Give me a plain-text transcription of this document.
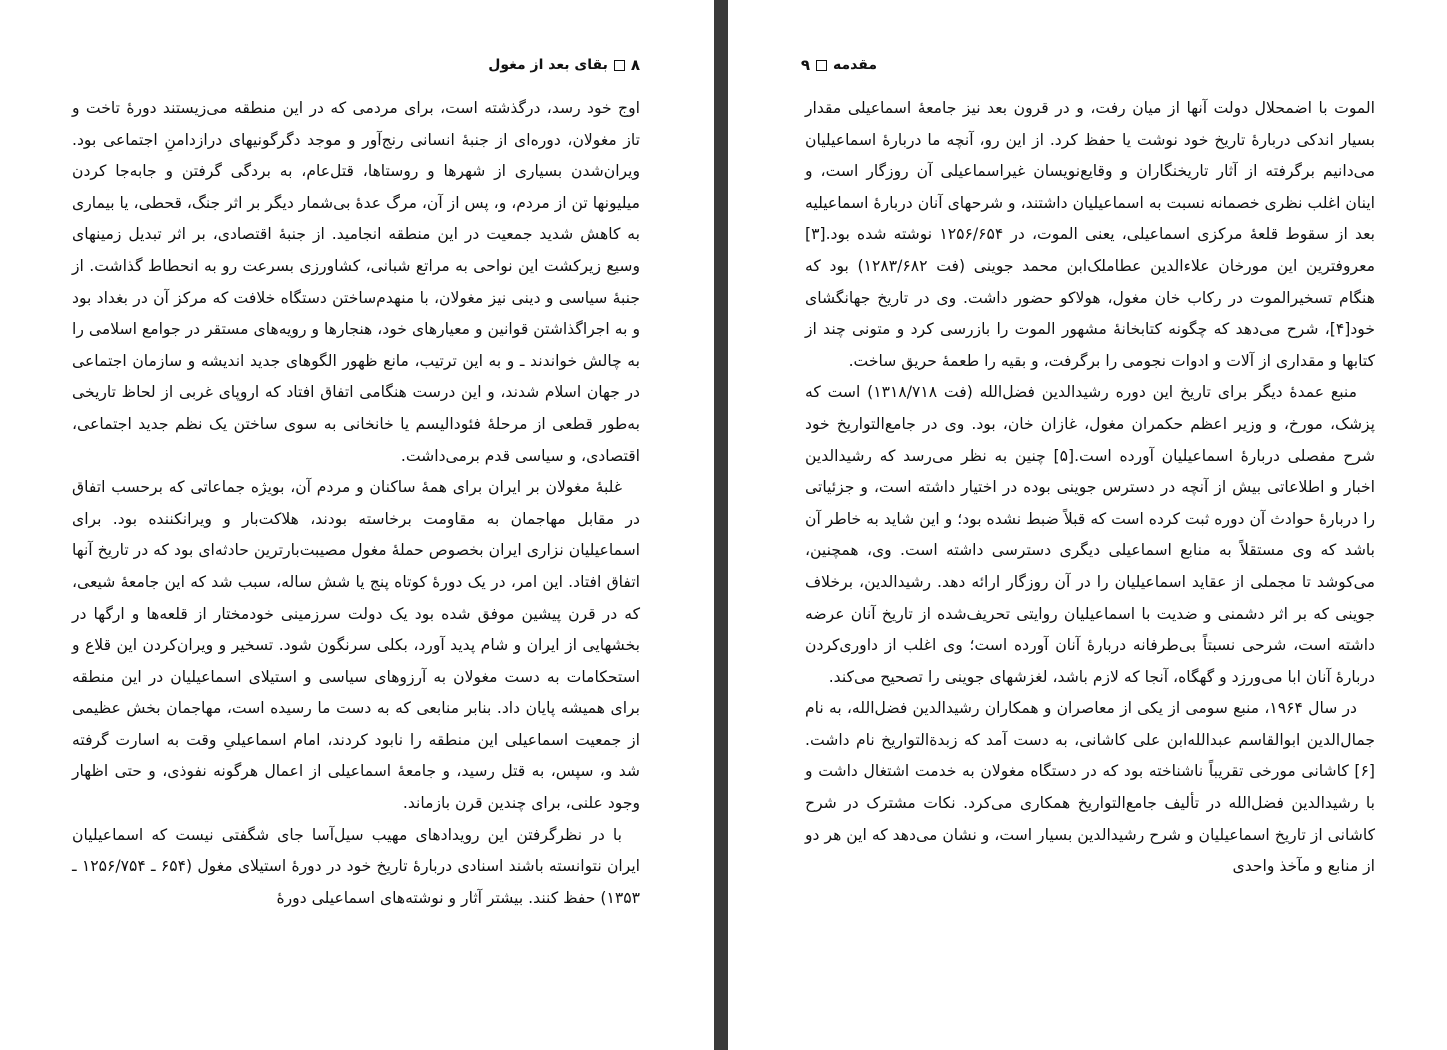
۸
بقای بعد از مغول

اوج خود رسد، درگذشته است، برای مردمی که در این منطقه می‌زیستند دورهٔ تاخت و تاز مغولان، دوره‌ای از جنبهٔ انسانی رنج‌آور و موجد دگرگونیهای درازدامنِ اجتماعی بود. ویران‌شدن بسیاری از شهرها و روستاها، قتل‌عام، به بردگی گرفتن و جابه‌جا کردن میلیونها تن از مردم، و، پس از آن، مرگ عدهٔ بی‌شمار دیگر بر اثر جنگ، قحطی، یا بیماری به کاهش شدید جمعیت در این منطقه انجامید. از جنبهٔ اقتصادی، بر اثر تبدیل زمینهای وسیع زیرکشت این نواحی به مراتع شبانی، کشاورزی بسرعت رو به انحطاط گذاشت. از جنبهٔ سیاسی و دینی نیز مغولان، با منهدم‌ساختن دستگاه خلافت که مرکز آن در بغداد بود و به اجراگذاشتن قوانین و معیارهای خود، هنجارها و رویه‌های مستقر در جوامع اسلامی را به چالش خواندند ـ و به این ترتیب، مانع ظهور الگوهای جدید اندیشه و سازمان اجتماعی در جهان اسلام شدند، و این درست هنگامی اتفاق افتاد که اروپای غربی از لحاظ تاریخی به‌طور قطعی از مرحلهٔ فئودالیسم یا خانخانی به سوی ساختن یک نظم جدید اجتماعی، اقتصادی، و سیاسی قدم برمی‌داشت.

غلبهٔ مغولان بر ایران برای همهٔ ساکنان و مردم آن، بویژه جماعاتی که برحسب اتفاق در مقابل مهاجمان به مقاومت برخاسته بودند، هلاکت‌بار و ویرانکننده بود. برای اسماعیلیان نزاری ایران بخصوص حملهٔ مغول مصیبت‌بارترین حادثه‌ای بود که در تاریخ آنها اتفاق افتاد. این امر، در یک دورهٔ کوتاه پنج یا شش ساله، سبب شد که این جامعهٔ شیعی، که در قرن پیشین موفق شده بود یک دولت سرزمینی خودمختار از قلعه‌ها و ارگها در بخشهایی از ایران و شام پدید آورد، بکلی سرنگون شود. تسخیر و ویران‌کردن این قلاع و استحکامات به دست مغولان به آرزوهای سیاسی و استیلای اسماعیلیان در این منطقه برای همیشه پایان داد. بنابر منابعی که به دست ما رسیده است، مهاجمان بخش عظیمی از جمعیت اسماعیلی این منطقه را نابود کردند، امام اسماعیلیِ وقت به اسارت گرفته شد و، سپس، به قتل رسید، و جامعهٔ اسماعیلی از اعمال هرگونه نفوذی، و حتی اظهار وجود علنی، برای چندین قرن بازماند.

با در نظرگرفتن این رویدادهای مهیب سیل‌آسا جای شگفتی نیست که اسماعیلیان ایران نتوانسته باشند اسنادی دربارهٔ تاریخ خود در دورهٔ استیلای مغول (۶۵۴ ـ ۱۲۵۶/۷۵۴ ـ ۱۳۵۳) حفظ کنند. بیشتر آثار و نوشته‌های اسماعیلی دورهٔ

مقدمه
۹

الموت با اضمحلال دولت آنها از میان رفت، و در قرون بعد نیز جامعهٔ اسماعیلی مقدار بسیار اندکی دربارهٔ تاریخ خود نوشت یا حفظ کرد. از این رو، آنچه ما دربارهٔ اسماعیلیان می‌دانیم برگرفته از آثار تاریخنگاران و وقایع‌نویسان غیراسماعیلی آن روزگار است، و اینان اغلب نظری خصمانه نسبت به اسماعیلیان داشتند، و شرحهای آنان دربارهٔ اسماعیلیه بعد از سقوط قلعهٔ مرکزی اسماعیلی، یعنی الموت، در ۱۲۵۶/۶۵۴ نوشته شده بود.[۳] معروفترین این مورخان علاءالدین عطاملک‌ابن محمد جوینی (فت ۱۲۸۳/۶۸۲) بود که هنگام تسخیرالموت در رکاب خان مغول، هولاکو حضور داشت. وی در تاریخ جهانگشای خود[۴]، شرح می‌دهد که چگونه کتابخانهٔ مشهور الموت را بازرسی کرد و متونی چند از کتابها و مقداری از آلات و ادوات نجومی را برگرفت، و بقیه را طعمهٔ حریق ساخت.

منبع عمدهٔ دیگر برای تاریخ این دوره رشیدالدین فضل‌الله (فت ۱۳۱۸/۷۱۸) است که پزشک، مورخ، و وزیر اعظم حکمران مغول، غازان خان، بود. وی در جامع‌التواریخ خود شرح مفصلی دربارهٔ اسماعیلیان آورده است.[۵] چنین به نظر می‌رسد که رشیدالدین اخبار و اطلاعاتی بیش از آنچه در دسترس جوینی بوده در اختیار داشته است، و جزئیاتی را دربارهٔ حوادث آن دوره ثبت کرده است که قبلاً ضبط نشده بود؛ و این شاید به خاطر آن باشد که وی مستقلاً به منابع اسماعیلی دیگری دسترسی داشته است. وی، همچنین، می‌کوشد تا مجملی از عقاید اسماعیلیان را در آن روزگار ارائه دهد. رشیدالدین، برخلاف جوینی که بر اثر دشمنی و ضدیت با اسماعیلیان روایتی تحریف‌شده از تاریخ آنان عرضه داشته است، شرحی نسبتاً بی‌طرفانه دربارهٔ آنان آورده است؛ وی اغلب از داوری‌کردن دربارهٔ آنان ابا می‌ورزد و گهگاه، آنجا که لازم باشد، لغزشهای جوینی را تصحیح می‌کند.

در سال ۱۹۶۴، منبع سومی از یکی از معاصران و همکاران رشیدالدین فضل‌الله، به نام جمال‌الدین ابوالقاسم عبدالله‌ابن علی کاشانی، به دست آمد که زبدةالتواریخ نام داشت.[۶] کاشانی مورخی تقریباً ناشناخته بود که در دستگاه مغولان به خدمت اشتغال داشت و با رشیدالدین فضل‌الله در تألیف جامع‌التواریخ همکاری می‌کرد. نکات مشترک در شرح کاشانی از تاریخ اسماعیلیان و شرح رشیدالدین بسیار است، و نشان می‌دهد که این هر دو از منابع و مآخذ واحدی
